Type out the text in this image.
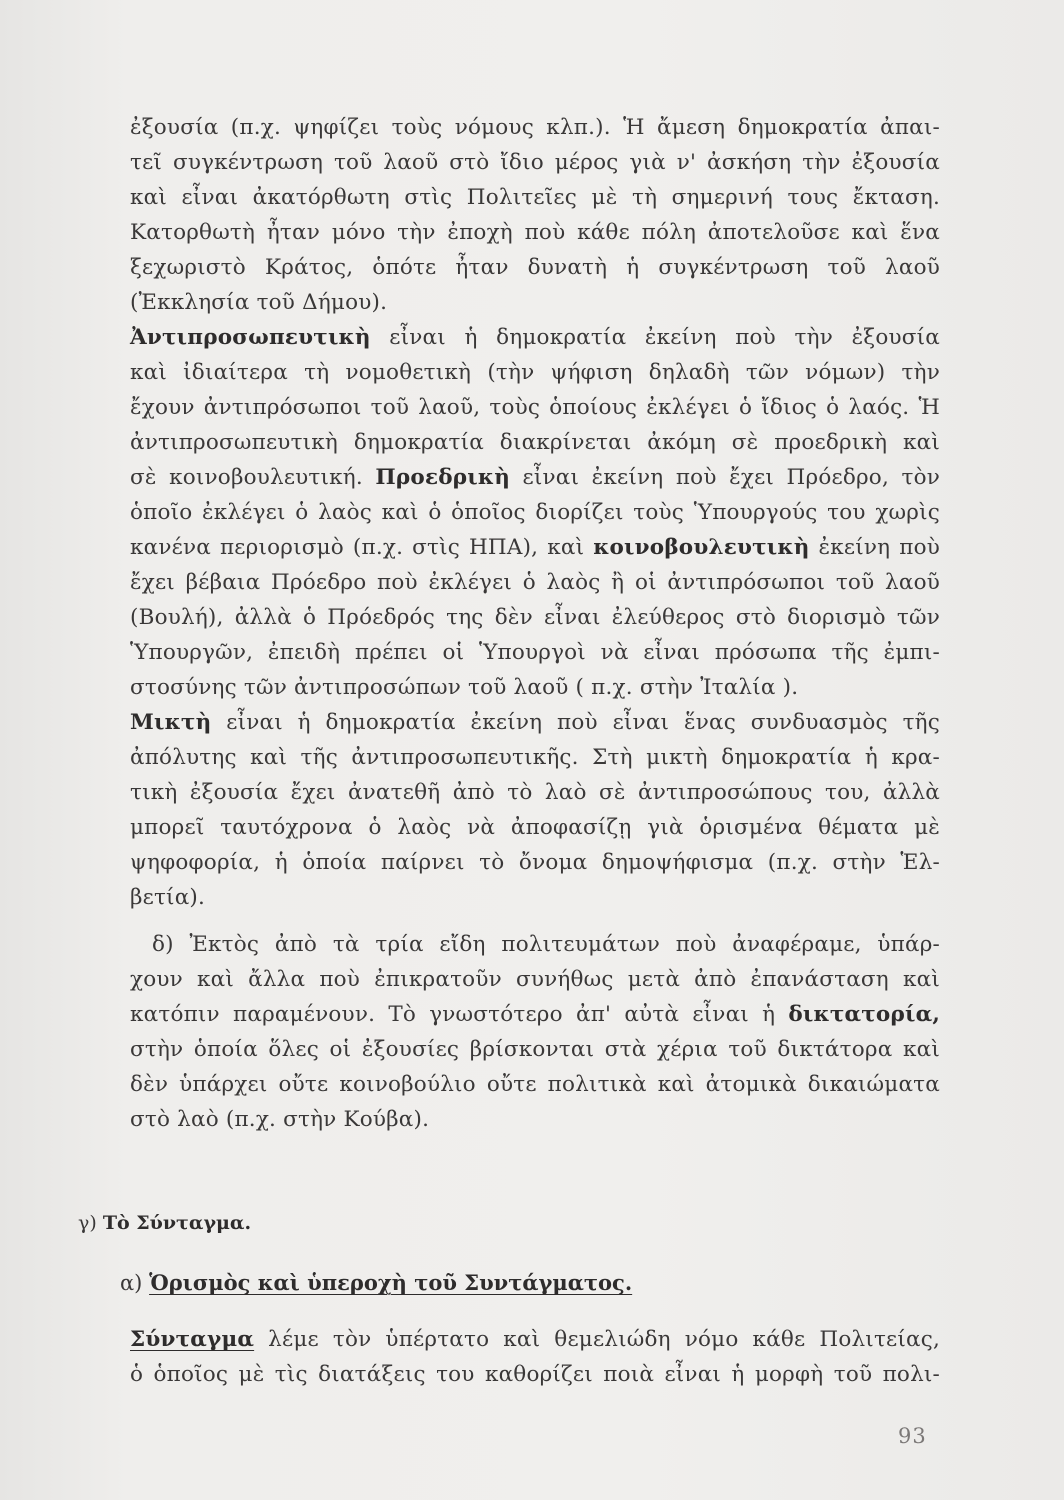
ἐξουσία (π.χ. ψηφίζει τοὺς νόμους κλπ.). Ἡ ἄμεση δημοκρατία ἀπαι-
τεῖ συγκέντρωση τοῦ λαοῦ στὸ ἴδιο μέρος γιὰ ν' ἀσκήση τὴν ἐξουσία
καὶ εἶναι ἀκατόρθωτη στὶς Πολιτεῖες μὲ τὴ σημερινή τους ἔκταση.
Κατορθωτὴ ἦταν μόνο τὴν ἐποχὴ ποὺ κάθε πόλη ἀποτελοῦσε καὶ ἕνα
ξεχωριστὸ Κράτος, ὁπότε ἦταν δυνατὴ ἡ συγκέντρωση τοῦ λαοῦ
(Ἐκκλησία τοῦ Δήμου).
Ἀντιπροσωπευτικὴ εἶναι ἡ δημοκρατία ἐκείνη ποὺ τὴν ἐξουσία
καὶ ἰδιαίτερα τὴ νομοθετικὴ (τὴν ψήφιση δηλαδὴ τῶν νόμων) τὴν
ἔχουν ἀντιπρόσωποι τοῦ λαοῦ, τοὺς ὁποίους ἐκλέγει ὁ ἴδιος ὁ λαός. Ἡ
ἀντιπροσωπευτικὴ δημοκρατία διακρίνεται ἀκόμη σὲ προεδρικὴ καὶ
σὲ κοινοβουλευτική. Προεδρικὴ εἶναι ἐκείνη ποὺ ἔχει Πρόεδρο, τὸν
ὁποῖο ἐκλέγει ὁ λαὸς καὶ ὁ ὁποῖος διορίζει τοὺς Ὑπουργούς του χωρὶς
κανένα περιορισμὸ (π.χ. στὶς ΗΠΑ), καὶ κοινοβουλευτικὴ ἐκείνη ποὺ
ἔχει βέβαια Πρόεδρο ποὺ ἐκλέγει ὁ λαὸς ἢ οἱ ἀντιπρόσωποι τοῦ λαοῦ
(Βουλή), ἀλλὰ ὁ Πρόεδρός της δὲν εἶναι ἐλεύθερος στὸ διορισμὸ τῶν
Ὑπουργῶν, ἐπειδὴ πρέπει οἱ Ὑπουργοὶ νὰ εἶναι πρόσωπα τῆς ἐμπι-
στοσύνης τῶν ἀντιπροσώπων τοῦ λαοῦ ( π.χ. στὴν Ἰταλία ).
Μικτὴ εἶναι ἡ δημοκρατία ἐκείνη ποὺ εἶναι ἕνας συνδυασμὸς τῆς
ἀπόλυτης καὶ τῆς ἀντιπροσωπευτικῆς. Στὴ μικτὴ δημοκρατία ἡ κρα-
τικὴ ἐξουσία ἔχει ἀνατεθῆ ἀπὸ τὸ λαὸ σὲ ἀντιπροσώπους του, ἀλλὰ
μπορεῖ ταυτόχρονα ὁ λαὸς νὰ ἀποφασίζῃ γιὰ ὁρισμένα θέματα μὲ
ψηφοφορία, ἡ ὁποία παίρνει τὸ ὄνομα δημοψήφισμα (π.χ. στὴν Ἑλ-
βετία).
δ) Ἐκτὸς ἀπὸ τὰ τρία εἴδη πολιτευμάτων ποὺ ἀναφέραμε, ὑπάρ-
χουν καὶ ἄλλα ποὺ ἐπικρατοῦν συνήθως μετὰ ἀπὸ ἐπανάσταση καὶ
κατόπιν παραμένουν. Τὸ γνωστότερο ἀπ' αὐτὰ εἶναι ἡ δικτατορία,
στὴν ὁποία ὅλες οἱ ἐξουσίες βρίσκονται στὰ χέρια τοῦ δικτάτορα καὶ
δὲν ὑπάρχει οὔτε κοινοβούλιο οὔτε πολιτικὰ καὶ ἀτομικὰ δικαιώματα
στὸ λαὸ (π.χ. στὴν Κούβα).
γ) Τὸ Σύνταγμα.
α) Ὁρισμὸς καὶ ὑπεροχὴ τοῦ Συντάγματος.
Σύνταγμα λέμε τὸν ὑπέρτατο καὶ θεμελιώδη νόμο κάθε Πολιτείας,
ὁ ὁποῖος μὲ τὶς διατάξεις του καθορίζει ποιὰ εἶναι ἡ μορφὴ τοῦ πολι-
93
